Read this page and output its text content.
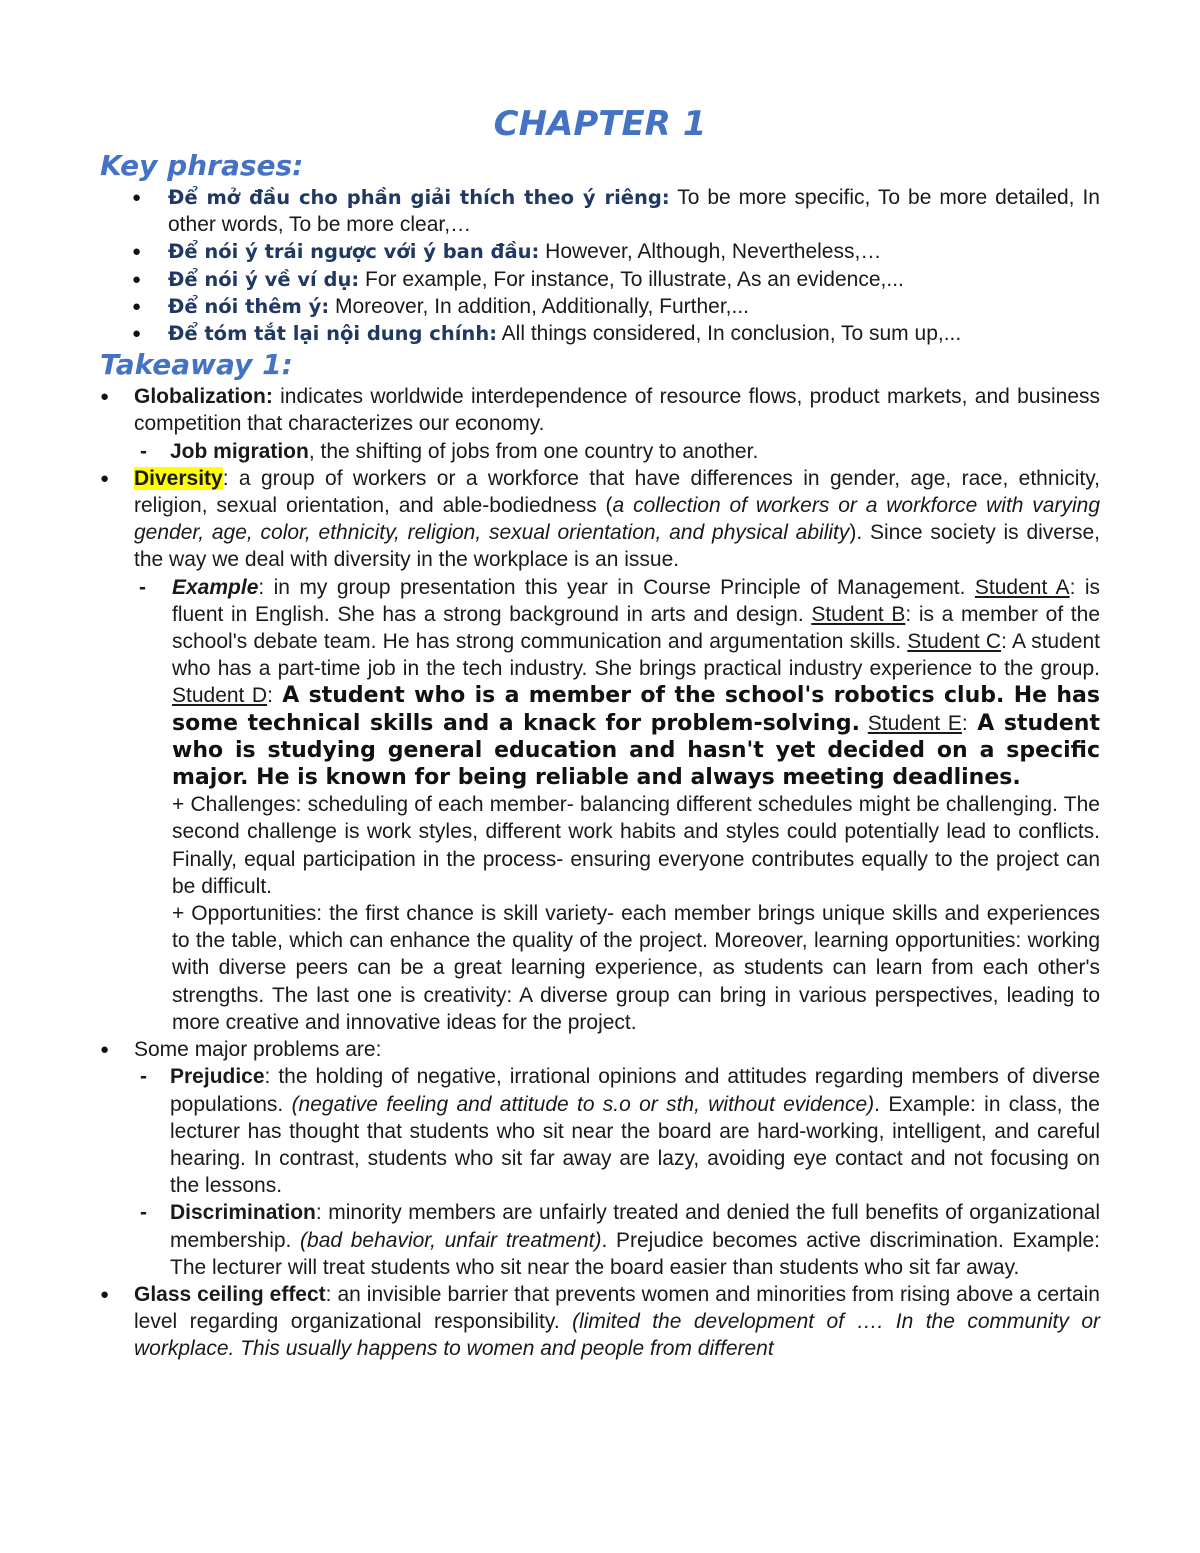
CHAPTER 1
Key phrases:
● Để mở đầu cho phần giải thích theo ý riêng: To be more specific, To be more detailed, In other words, To be more clear,…
● Để nói ý trái ngược với ý ban đầu: However, Although, Nevertheless,…
● Để nói ý về ví dụ: For example, For instance, To illustrate, As an evidence,...
● Để nói thêm ý: Moreover, In addition, Additionally, Further,...
● Để tóm tắt lại nội dung chính: All things considered, In conclusion, To sum up,...
Takeaway 1:
● Globalization: indicates worldwide interdependence of resource flows, product markets, and business competition that characterizes our economy.
- Job migration, the shifting of jobs from one country to another.
● Diversity: a group of workers or a workforce that have differences in gender, age, race, ethnicity, religion, sexual orientation, and able-bodiedness (a collection of workers or a workforce with varying gender, age, color, ethnicity, religion, sexual orientation, and physical ability). Since society is diverse, the way we deal with diversity in the workplace is an issue.
- Example: in my group presentation this year in Course Principle of Management. Student A: is fluent in English. She has a strong background in arts and design. Student B: is a member of the school's debate team. He has strong communication and argumentation skills. Student C: A student who has a part-time job in the tech industry. She brings practical industry experience to the group. Student D: A student who is a member of the school's robotics club. He has some technical skills and a knack for problem-solving. Student E: A student who is studying general education and hasn't yet decided on a specific major. He is known for being reliable and always meeting deadlines.
+ Challenges: scheduling of each member- balancing different schedules might be challenging. The second challenge is work styles, different work habits and styles could potentially lead to conflicts. Finally, equal participation in the process- ensuring everyone contributes equally to the project can be difficult.
+ Opportunities: the first chance is skill variety- each member brings unique skills and experiences to the table, which can enhance the quality of the project. Moreover, learning opportunities: working with diverse peers can be a great learning experience, as students can learn from each other's strengths. The last one is creativity: A diverse group can bring in various perspectives, leading to more creative and innovative ideas for the project.
● Some major problems are:
- Prejudice: the holding of negative, irrational opinions and attitudes regarding members of diverse populations. (negative feeling and attitude to s.o or sth, without evidence). Example: in class, the lecturer has thought that students who sit near the board are hard-working, intelligent, and careful hearing. In contrast, students who sit far away are lazy, avoiding eye contact and not focusing on the lessons.
- Discrimination: minority members are unfairly treated and denied the full benefits of organizational membership. (bad behavior, unfair treatment). Prejudice becomes active discrimination. Example: The lecturer will treat students who sit near the board easier than students who sit far away.
● Glass ceiling effect: an invisible barrier that prevents women and minorities from rising above a certain level regarding organizational responsibility. (limited the development of …. In the community or workplace. This usually happens to women and people from different
